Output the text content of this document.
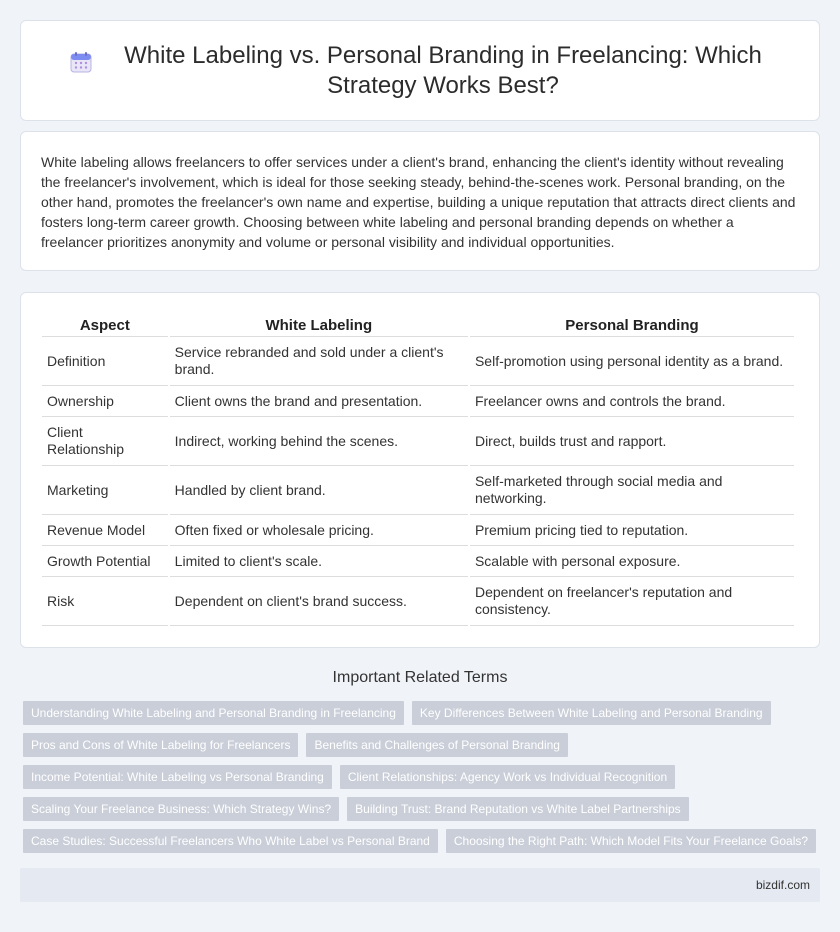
White Labeling vs. Personal Branding in Freelancing: Which Strategy Works Best?

White labeling allows freelancers to offer services under a client's brand, enhancing the client's identity without revealing the freelancer's involvement, which is ideal for those seeking steady, behind-the-scenes work. Personal branding, on the other hand, promotes the freelancer's own name and expertise, building a unique reputation that attracts direct clients and fosters long-term career growth. Choosing between white labeling and personal branding depends on whether a freelancer prioritizes anonymity and volume or personal visibility and individual opportunities.

Aspect	White Labeling	Personal Branding
Definition	Service rebranded and sold under a client's brand.	Self-promotion using personal identity as a brand.
Ownership	Client owns the brand and presentation.	Freelancer owns and controls the brand.
Client Relationship	Indirect, working behind the scenes.	Direct, builds trust and rapport.
Marketing	Handled by client brand.	Self-marketed through social media and networking.
Revenue Model	Often fixed or wholesale pricing.	Premium pricing tied to reputation.
Growth Potential	Limited to client's scale.	Scalable with personal exposure.
Risk	Dependent on client's brand success.	Dependent on freelancer's reputation and consistency.
Important Related Terms
Understanding White Labeling and Personal Branding in Freelancing	Key Differences Between White Labeling and Personal Branding
Pros and Cons of White Labeling for Freelancers	Benefits and Challenges of Personal Branding
Income Potential: White Labeling vs Personal Branding	Client Relationships: Agency Work vs Individual Recognition
Scaling Your Freelance Business: Which Strategy Wins?	Building Trust: Brand Reputation vs White Label Partnerships
Case Studies: Successful Freelancers Who White Label vs Personal Brand	Choosing the Right Path: Which Model Fits Your Freelance Goals?
bizdif.com
